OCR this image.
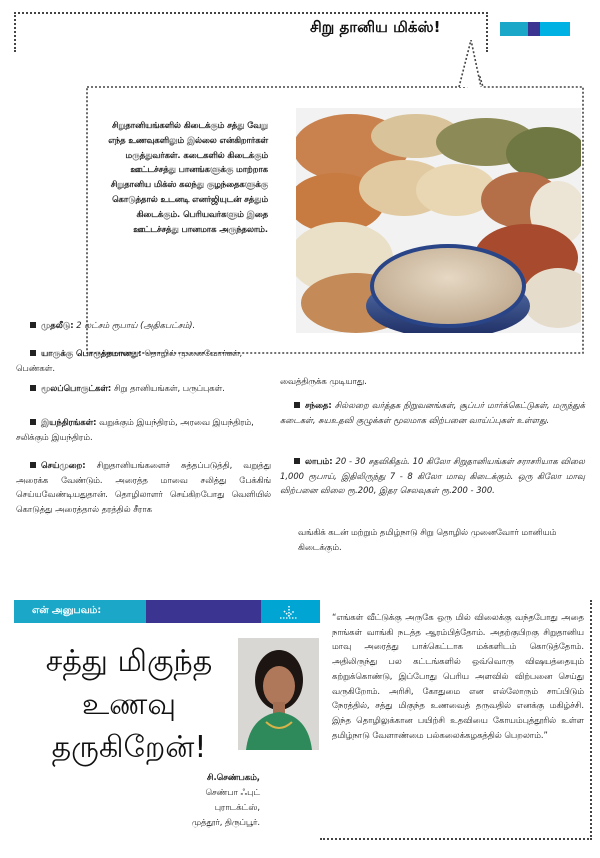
சிறு தானிய மிக்ஸ்!
சிறுதானியங்களில் கிடைக்கும் சத்து வேறு எந்த உணவுகளிலும் இல்லை என்கிறார்கள் மருத்துவர்கள். கடைகளில் கிடைக்கும் ஊட்டச்சத்து பானங்களுக்கு மாற்றாக சிறுதானிய மிக்ஸ் கலந்து குழந்தைகளுக்கு கொடுத்தால் உடனடி எனர்ஜியுடன் சத்தும் கிடைக்கும். பெரியவர்களும் இதை ஊட்டச்சத்து பானமாக அருந்தலாம்.
முதலீடு: 2 லட்சம் ரூபாய் (அதிகபட்சம்).
யாருக்கு பொருத்தமானது: தொழில் முனைவோர்கள், பெண்கள்.
மூலப்பொருட்கள்: சிறு தானியங்கள், பருப்புகள்.
இயந்திரங்கள்: வறுக்கும் இயந்திரம், அரவை இயந்திரம், சலிக்கும் இயந்திரம்.
செய்முறை: சிறுதானியங்களைச் சுத்தப்படுத்தி, வறுத்து அரைக்க வேண்டும். அரைத்த மாவை சலித்து பேக்கிங் செய்யவேண்டியதுதான். தொழிலாளர் செய்கிறபோது வெளியில் கொடுத்து அரைத்தால் தரத்தில் சீராக
வைத்திருக்க முடியாது.
சந்தை: சில்லறை வர்த்தக நிறுவனங்கள், சூப்பர் மார்க்கெட்டுகள், மருந்துக் கடைகள், சுயஉதவி குழுக்கள் மூலமாக விற்பனை வாய்ப்புகள் உள்ளது.
லாபம்: 20 - 30 சதவிகிதம். 10 கிலோ சிறுதானியங்கள் சராசரியாக விலை 1,000 ரூபாய், இதிலிருந்து 7 - 8 கிலோ மாவு கிடைக்கும். ஒரு கிலோ மாவு விற்பனை விலை ரூ.200, இதர செலவுகள் ரூ.200 - 300.
வங்கிக் கடன் மற்றும் தமிழ்நாடு சிறு தொழில் முனைவோர் மானியம் கிடைக்கும்.
என் அனுபவம்:
சத்து மிகுந்த
உணவு
தருகிறேன்!
சி.செண்பகம்,
செண்பா ஃபுட்
புராடக்ட்ஸ்,
முத்தூர், திருப்பூர்.
“எங்கள் வீட்டுக்கு அருகே ஒரு மில் விலைக்கு வந்தபோது அதை நாங்கள் வாங்கி நடத்த ஆரம்பித்தோம். அதற்குபிறகு சிறுதானிய மாவு அரைத்து பாக்கெட்டாக மக்களிடம் கொடுத்தோம். அதிலிருந்து பல கட்டங்களில் ஒவ்வொரு விஷயத்தையும் கற்றுக்கொண்டு, இப்போது பெரிய அளவில் விற்பனை செய்து வருகிறோம். அரிசி, கோதுமை என எல்லோரும் சாப்பிடும் நேரத்தில், சத்து மிகுந்த உணவைத் தருவதில் எனக்கு மகிழ்ச்சி. இந்த தொழிலுக்கான பயிற்சி உதவியை கோயம்புத்தூரில் உள்ள தமிழ்நாடு வேளாண்மை பல்கலைக்கழகத்தில் பெறலாம்.”
